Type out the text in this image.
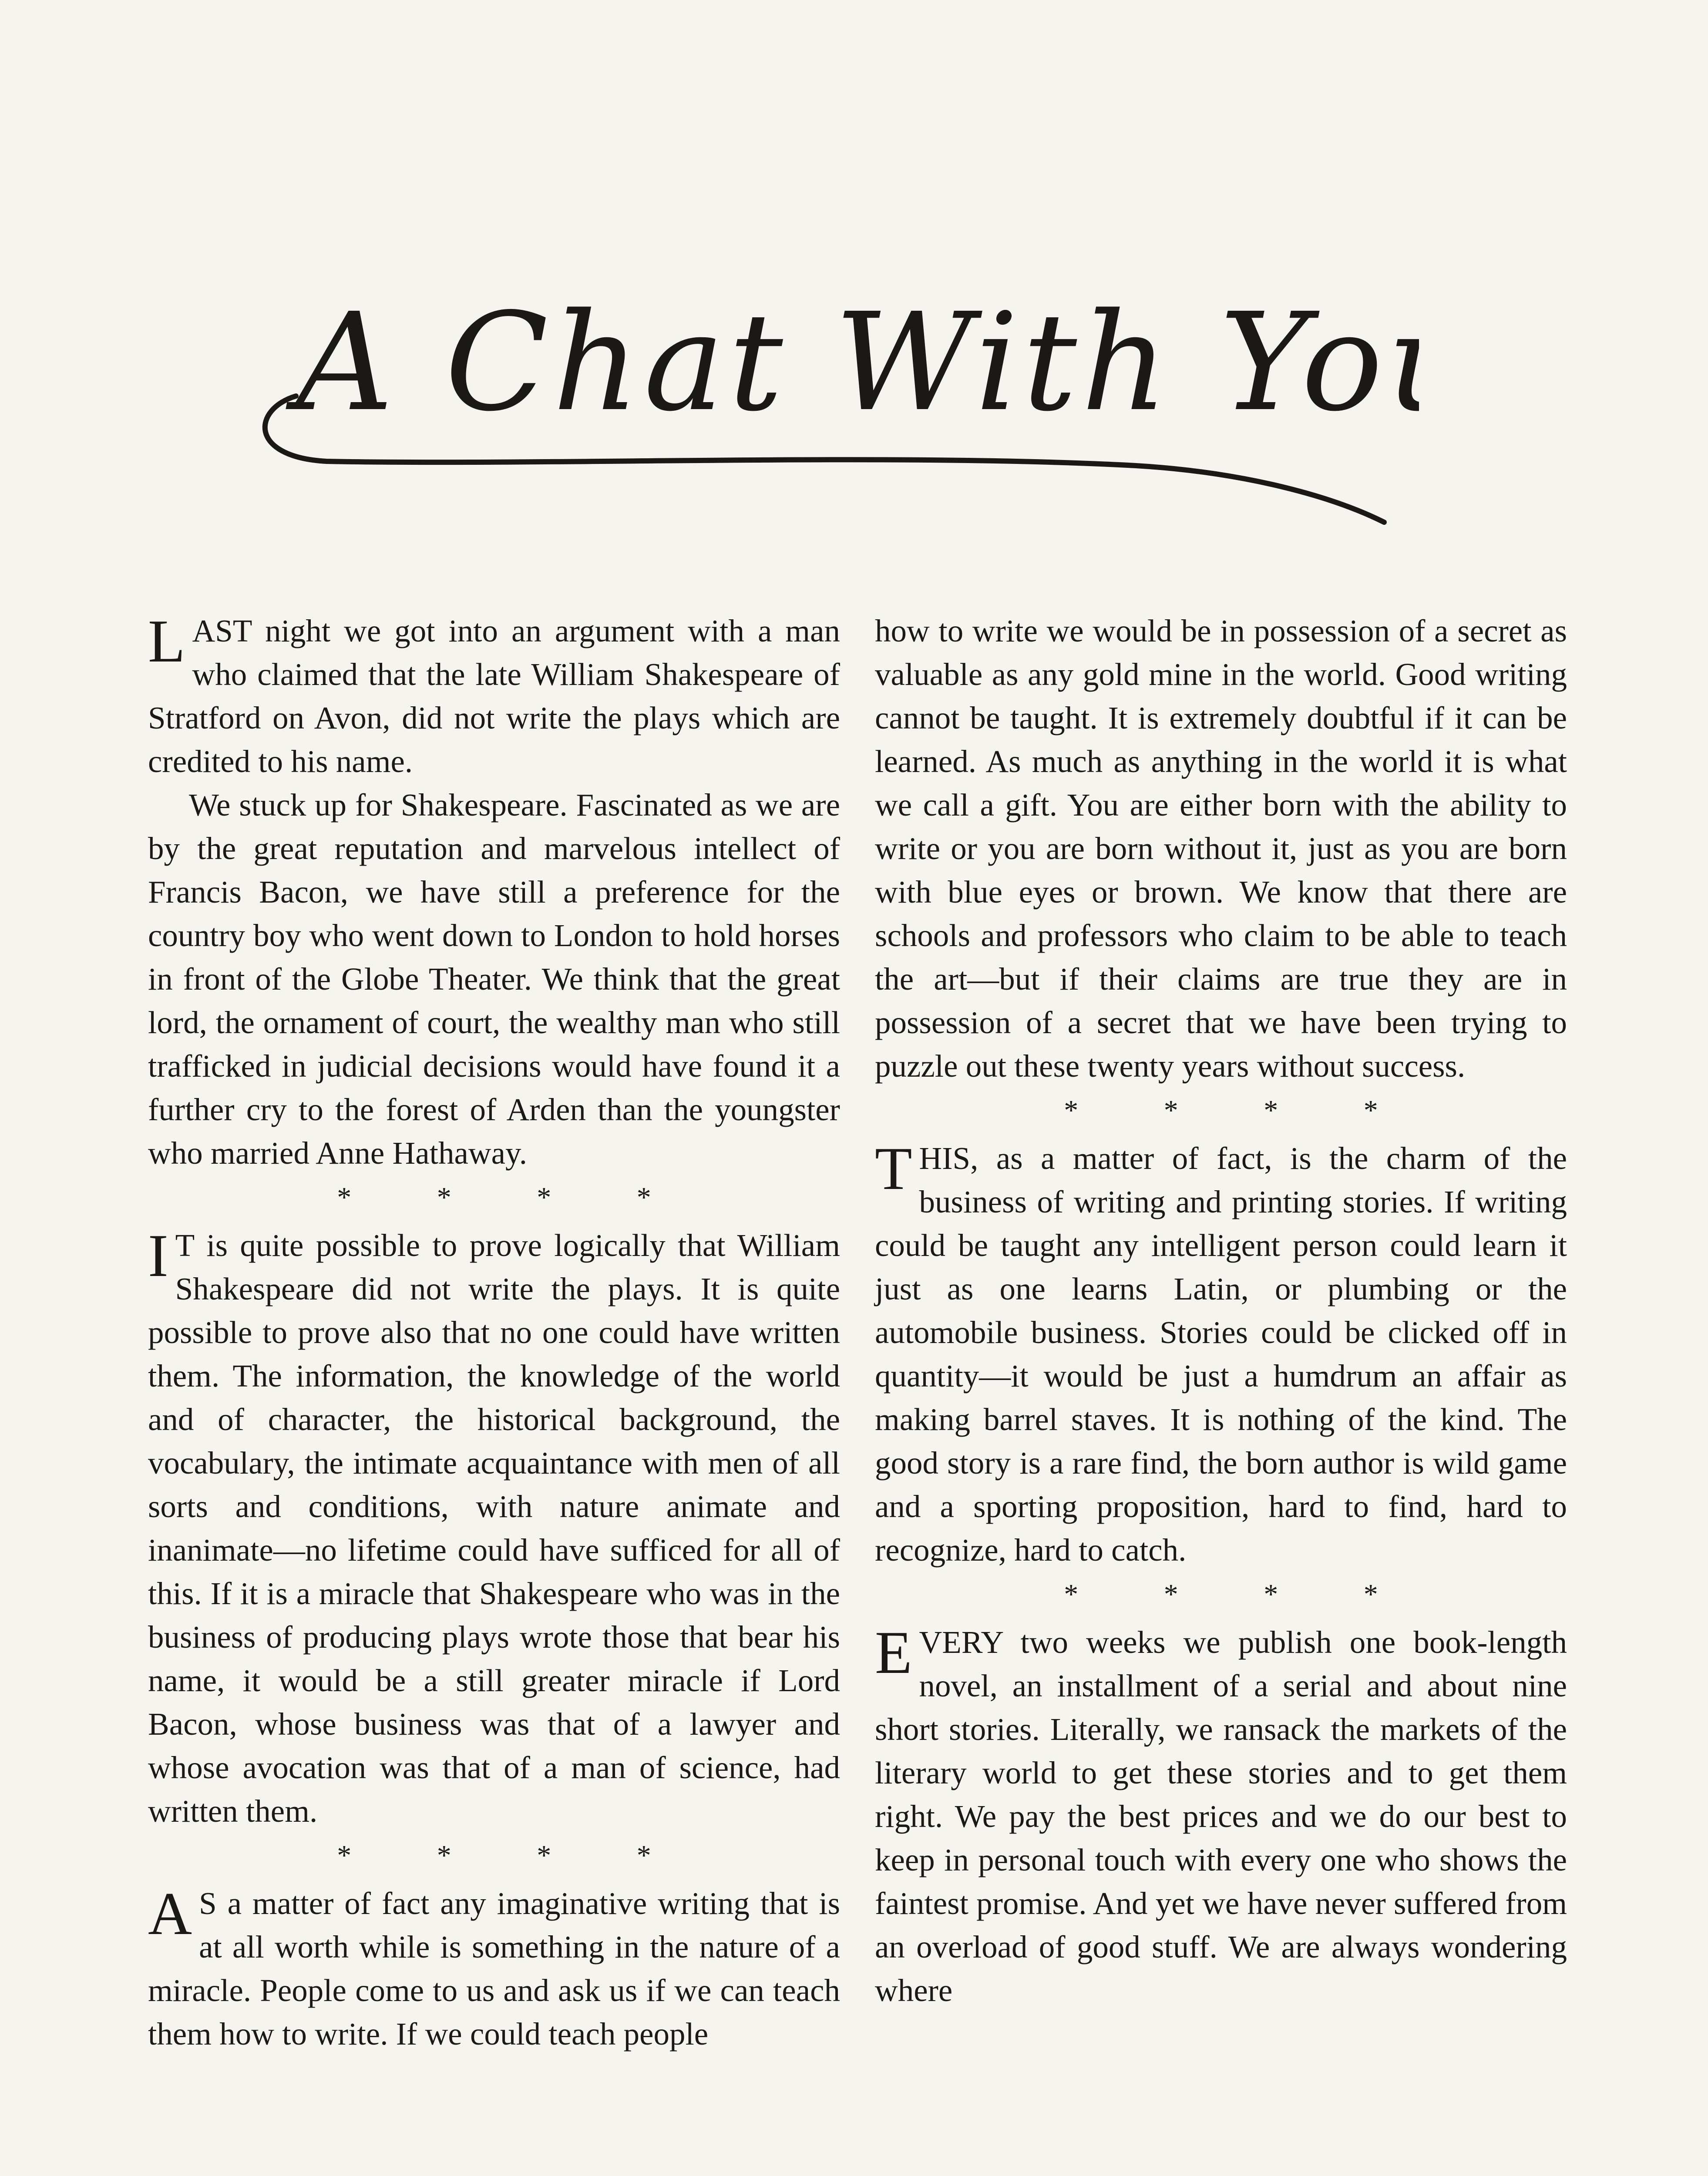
A Chat With You

L AST night we got into an argument with a man who claimed that the late William Shakespeare of Stratford on Avon, did not write the plays which are credited to his name.

We stuck up for Shakespeare. Fascinated as we are by the great reputation and marvelous intellect of Francis Bacon, we have still a preference for the country boy who went down to London to hold horses in front of the Globe Theater. We think that the great lord, the ornament of court, the wealthy man who still trafficked in judicial decisions would have found it a further cry to the forest of Arden than the youngster who married Anne Hathaway.

* * * *

I T is quite possible to prove logically that William Shakespeare did not write the plays. It is quite possible to prove also that no one could have written them. The information, the knowledge of the world and of character, the historical background, the vocabulary, the intimate acquaintance with men of all sorts and conditions, with nature animate and inanimate—no lifetime could have sufficed for all of this. If it is a miracle that Shakespeare who was in the business of producing plays wrote those that bear his name, it would be a still greater miracle if Lord Bacon, whose business was that of a lawyer and whose avocation was that of a man of science, had written them.

* * * *

A S a matter of fact any imaginative writing that is at all worth while is something in the nature of a miracle. People come to us and ask us if we can teach them how to write. If we could teach people

how to write we would be in possession of a secret as valuable as any gold mine in the world. Good writing cannot be taught. It is extremely doubtful if it can be learned. As much as anything in the world it is what we call a gift. You are either born with the ability to write or you are born without it, just as you are born with blue eyes or brown. We know that there are schools and professors who claim to be able to teach the art—but if their claims are true they are in possession of a secret that we have been trying to puzzle out these twenty years without success.

* * * *

T HIS, as a matter of fact, is the charm of the business of writing and printing stories. If writing could be taught any intelligent person could learn it just as one learns Latin, or plumbing or the automobile business. Stories could be clicked off in quantity—it would be just a humdrum an affair as making barrel staves. It is nothing of the kind. The good story is a rare find, the born author is wild game and a sporting proposition, hard to find, hard to recognize, hard to catch.

* * * *

E VERY two weeks we publish one book-length novel, an installment of a serial and about nine short stories. Literally, we ransack the markets of the literary world to get these stories and to get them right. We pay the best prices and we do our best to keep in personal touch with every one who shows the faintest promise. And yet we have never suffered from an overload of good stuff. We are always wondering where
